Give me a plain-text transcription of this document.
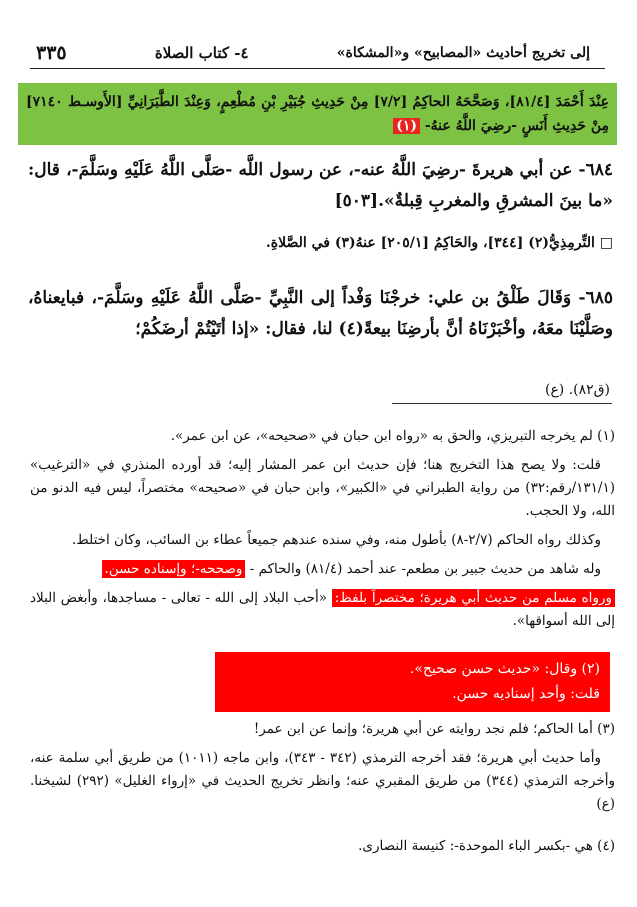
إلى تخريج أحاديث «المصابيح» و«المشكاة»
٤- كتاب الصلاة
٣٣٥
عِنْدَ أَحْمَدَ [٨١/٤]، وَصَحَّحَهُ الحاكِمُ [٧/٢] مِنْ حَدِيثِ جُبَيْرِ بْنِ مُطْعِمٍ، وَعِنْدَ الطَّبَرَانِيِّ [الأَوسـط ٧١٤٠] مِنْ حَدِيثِ أَنَسٍ -رضِيَ اللَّهُ عنهُ- (١)
٦٨٤- عن أبي هريرةَ -رضِيَ اللَّهُ عنه-، عن رسول اللَّه -صَلَّى اللَّهُ عَلَيْهِ وسَلَّمَ-، قال: «ما بينَ المشرقِ والمغربِ قِبلةٌ».[٥٠٣]
□ التِّرمِذِيُّ(٢) [٣٤٤]، والحَاكِمُ [٢٠٥/١] عنهُ(٣) في الصَّلاةِ.
٦٨٥- وَقَالَ طَلْقُ بن علي: خرجْنَا وَفْداً إلى النَّبِيِّ -صَلَّى اللَّهُ عَلَيْهِ وسَلَّمَ-، فبايعناهُ، وصَلَّيْنَا معَهُ، وأخْبَرْنَاهُ أنَّ بأرضِنَا بيعةً(٤) لنا، فقال: «إذا أتَيْتُمْ أرضَكُمْ؛
(ق٨٢). (ع)

(١) لم يخرجه التبريزي، والحق به «رواه ابن حبان في «صحيحه»، عن ابن عمر».

قلت: ولا يصح هذا التخريج هنا؛ فإن حديث ابن عمر المشار إليه؛ قد أورده المنذري في «الترغيب» (١٣١/١/رقم:٣٢) من رواية الطبراني في «الكبير»، وابن حبان في «صحيحه» مختصراً، ليس فيه الدنو من الله، ولا الحجب.

وكذلك رواه الحاكم (٢/٧-٨) بأطول منه، وفي سنده عندهم جميعاً عطاء بن السائب، وكان اختلط.

وله شاهد من حديث جبير بن مطعم- عند أحمد (٨١/٤) والحاكم - وصححه-؛ وإسناده حسن.

ورواه مسلم من حديث أبي هريرة؛ مختصراً بلفظ: «أحب البلاد إلى الله - تعالى - مساجدها، وأبغض البلاد إلى الله أسواقها».

(٢) وقال: «حديث حسن صحيح».
قلت: وأحد إسناديه حسن.

(٣) أما الحاكم؛ فلم نجد روايته عن أبي هريرة؛ وإنما عن ابن عمر!

وأما حديث أبي هريرة؛ فقد أخرجه الترمذي (٣٤٢ - ٣٤٣)، وابن ماجه (١٠١١) من طريق أبي سلمة عنه، وأخرجه الترمذي (٣٤٤) من طريق المقبري عنه؛ وانظر تخريج الحديث في «إرواء الغليل» (٢٩٢) لشيخنا. (ع)

(٤) هي -بكسر الباء الموحدة-: كنيسة النصارى.
